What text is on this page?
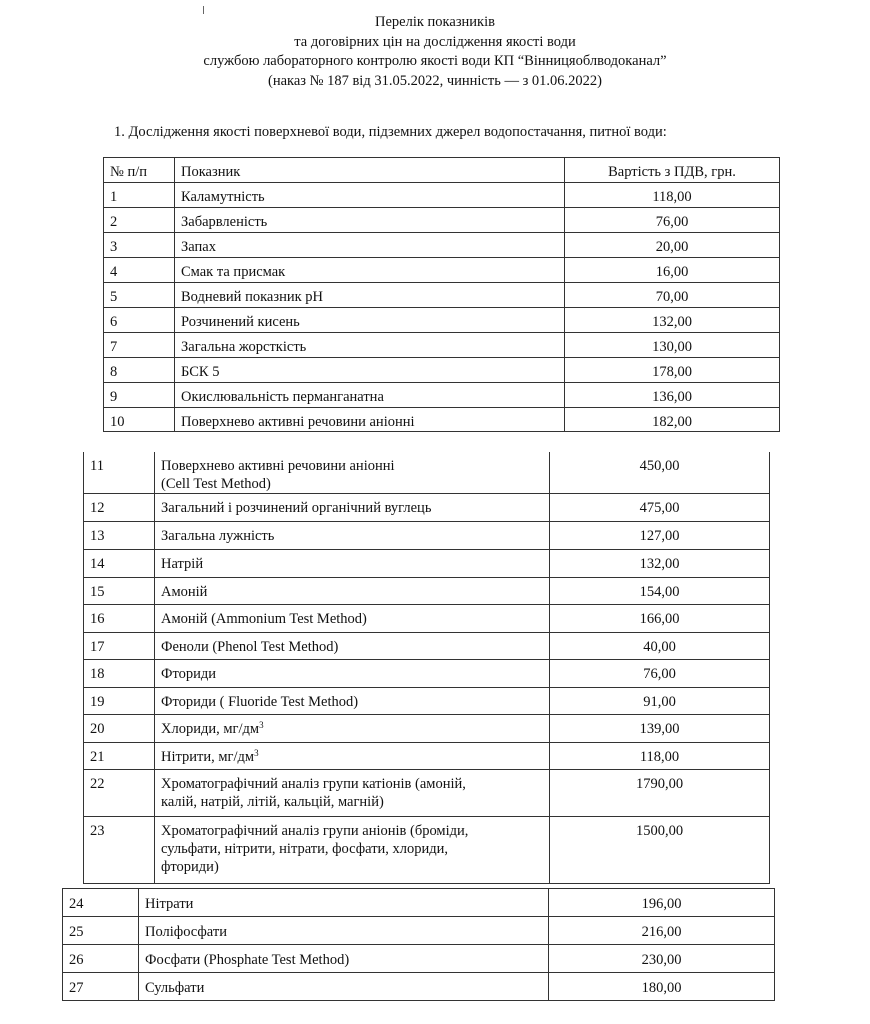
Перелік показників
та договірних цін на дослідження якості води
службою лабораторного контролю якості води КП “Вінницяоблводоканал”
(наказ № 187 від 31.05.2022, чинність — з 01.06.2022)
1. Дослідження якості поверхневої води, підземних джерел водопостачання, питної води:
№ п/п	Показник	Вартість з ПДВ, грн.
1	Каламутність	118,00
2	Забарвленість	76,00
3	Запах	20,00
4	Смак та присмак	16,00
5	Водневий показник рН	70,00
6	Розчинений кисень	132,00
7	Загальна жорсткість	130,00
8	БСК 5	178,00
9	Окислювальність перманганатна	136,00
10	Поверхнево активні речовини аніонні	182,00
11	Поверхнево активні речовини аніонні
(Cell Test Method)	450,00
12	Загальний і розчинений органічний вуглець	475,00
13	Загальна лужність	127,00
14	Натрій	132,00
15	Амоній	154,00
16	Амоній (Ammonium Test Method)	166,00
17	Феноли (Phenol Test Method)	40,00
18	Фториди	76,00
19	Фториди ( Fluoride Test Method)	91,00
20	Хлориди, $мг/дм^3$	139,00
21	Нітрити, $мг/дм^3$	118,00
22	Хроматографічний аналіз групи катіонів (амоній,
калій, натрій, літій, кальцій, магній)	1790,00
23	Хроматографічний аналіз групи аніонів (броміди,
сульфати, нітрити, нітрати, фосфати, хлориди,
фториди)	1500,00
24	Нітрати	196,00
25	Поліфосфати	216,00
26	Фосфати (Phosphate Test Method)	230,00
27	Сульфати	180,00
